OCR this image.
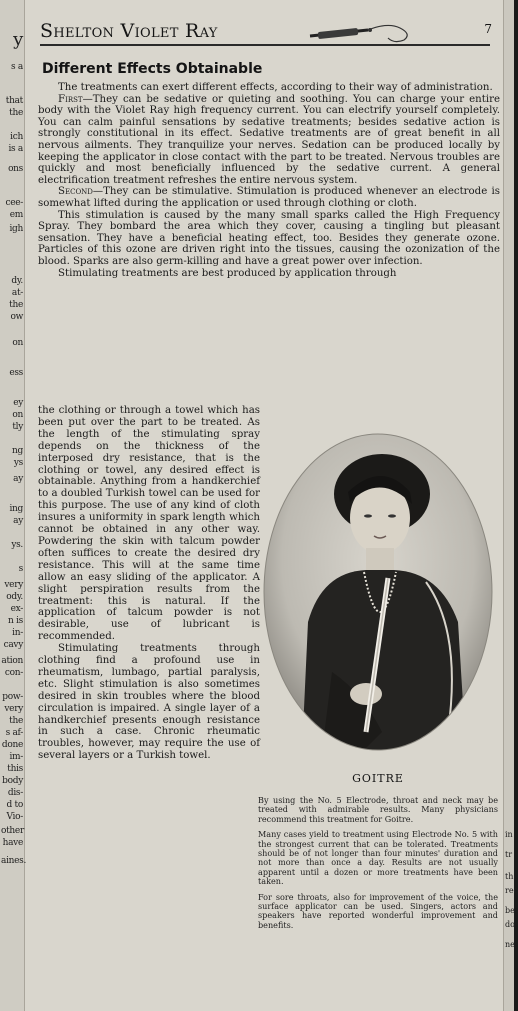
y
s a
that
the
ich
is a
ons
cee-
em
igh
dy.
at-
the
ow
on
ess
ey
on
tly
ng
ys
ay
ing
ay
ys.
s
very
ody.
ex-
n is
in-
cavy
ation
con-
pow-
very
the
s af-
done
im-
this
body
dis-
d to
Vio-
other
have
aines.
in
tr
th
rec
be
do
ne
Shelton Violet Ray	7
Different Effects Obtainable

The treatments can exert different effects, according to their way of administration.

First—They can be sedative or quieting and soothing. You can charge your entire body with the Violet Ray high frequency current. You can electrify yourself completely. You can calm painful sensations by sedative treatments; besides sedative action is strongly constitutional in its effect. Sedative treatments are of great benefit in all nervous ailments. They tranquilize your nerves. Sedation can be produced locally by keeping the applicator in close contact with the part to be treated. Nervous troubles are quickly and most beneficially influenced by the sedative current. A general electrification treatment refreshes the entire nervous system.

Second—They can be stimulative. Stimulation is produced whenever an electrode is somewhat lifted during the application or used through clothing or cloth.

This stimulation is caused by the many small sparks called the High Frequency Spray. They bombard the area which they cover, causing a tingling but pleasant sensation. They have a beneficial heating effect, too. Besides they generate ozone. Particles of this ozone are driven right into the tissues, causing the ozonization of the blood. Sparks are also germ-killing and have a great power over infection.

Stimulating treatments are best produced by application through

the clothing or through a towel which has been put over the part to be treated. As the length of the stimulating spray depends on the thickness of the interposed dry resistance, that is the clothing or towel, any desired effect is obtainable. Anything from a handkerchief to a doubled Turkish towel can be used for this purpose. The use of any kind of cloth insures a uniformity in spark length which cannot be obtained in any other way. Powdering the skin with talcum powder often suffices to create the desired dry resistance. This will at the same time allow an easy sliding of the applicator. A slight perspiration results from the treatment: this is natural. If the application of talcum powder is not desirable, use of lubricant is recommended.

Stimulating treatments through clothing find a profound use in rheumatism, lumbago, partial paralysis, etc. Slight stimulation is also sometimes desired in skin troubles where the blood circulation is impaired. A single layer of a handkerchief presents enough resistance in such a case. Chronic rheumatic troubles, however, may require the use of several layers or a Turkish towel.

GOITRE

By using the No. 5 Electrode, throat and neck may be treated with admirable results. Many physicians recommend this treatment for Goitre.

Many cases yield to treatment using Electrode No. 5 with the strongest current that can be tolerated. Treatments should be of not longer than four minutes' duration and not more than once a day. Results are not usually apparent until a dozen or more treatments have been taken.

For sore throats, also for improvement of the voice, the surface applicator can be used. Singers, actors and speakers have reported wonderful improvement and benefits.
